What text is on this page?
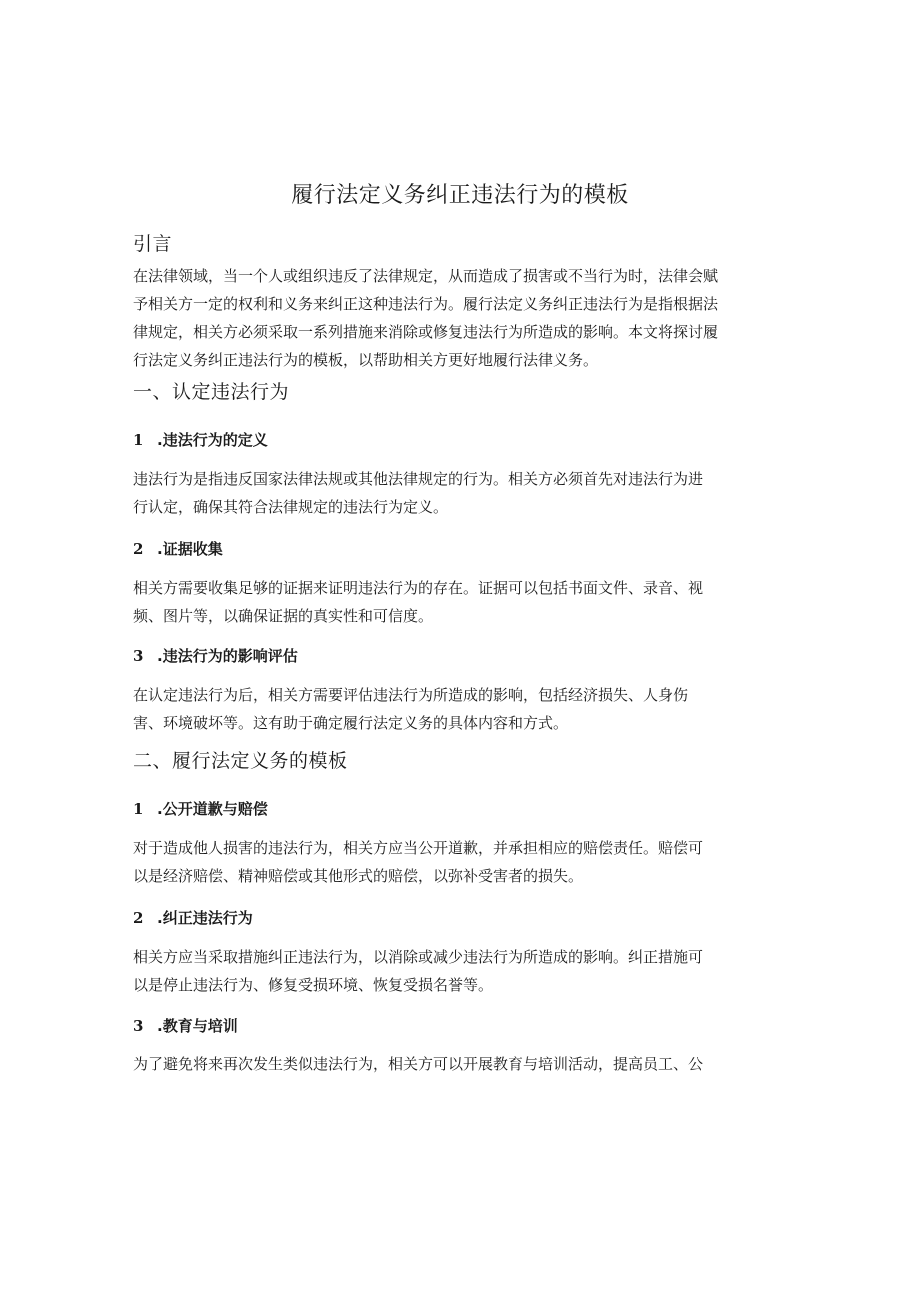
履行法定义务纠正违法行为的模板
引言

在法律领域，当一个人或组织违反了法律规定，从而造成了损害或不当行为时，法律会赋
予相关方一定的权利和义务来纠正这种违法行为。履行法定义务纠正违法行为是指根据法
律规定，相关方必须采取一系列措施来消除或修复违法行为所造成的影响。本文将探讨履
行法定义务纠正违法行为的模板，以帮助相关方更好地履行法律义务。

一、认定违法行为
1 .违法行为的定义

违法行为是指违反国家法律法规或其他法律规定的行为。相关方必须首先对违法行为进
行认定，确保其符合法律规定的违法行为定义。

2 .证据收集

相关方需要收集足够的证据来证明违法行为的存在。证据可以包括书面文件、录音、视
频、图片等，以确保证据的真实性和可信度。

3 .违法行为的影响评估

在认定违法行为后，相关方需要评估违法行为所造成的影响，包括经济损失、人身伤
害、环境破坏等。这有助于确定履行法定义务的具体内容和方式。

二、履行法定义务的模板
1 .公开道歉与赔偿

对于造成他人损害的违法行为，相关方应当公开道歉，并承担相应的赔偿责任。赔偿可
以是经济赔偿、精神赔偿或其他形式的赔偿，以弥补受害者的损失。

2 .纠正违法行为

相关方应当采取措施纠正违法行为，以消除或减少违法行为所造成的影响。纠正措施可
以是停止违法行为、修复受损环境、恢复受损名誉等。

3 .教育与培训

为了避免将来再次发生类似违法行为，相关方可以开展教育与培训活动，提高员工、公
